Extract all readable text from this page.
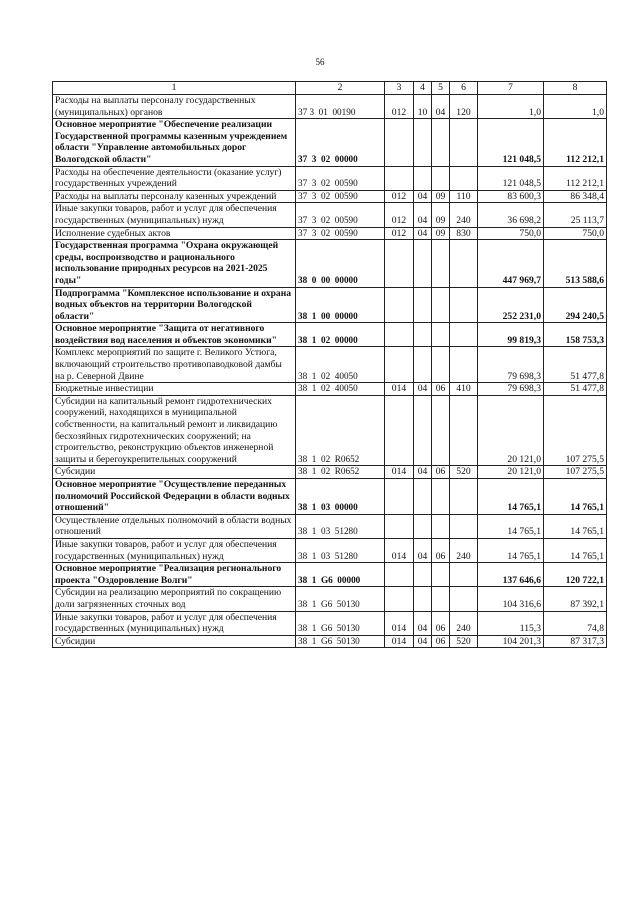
56
1	2	3	4	5	6	7	8
Расходы на выплаты персоналу государственных (муниципальных) органов	37 3  01  00190	012	10	04	120	1,0	1,0
Основное мероприятие "Обеспечение реализации Государственной программы казенным учреждением области "Управление автомобильных дорог Вологодской области"	37  3  02  00000					121 048,5	112 212,1
Расходы на обеспечение деятельности (оказание услуг) государственных учреждений	37  3  02  00590					121 048,5	112 212,1
Расходы на выплаты персоналу казенных учреждений	37  3  02  00590	012	04	09	110	83 600,3	86 348,4
Иные закупки товаров, работ и услуг для обеспечения государственных (муниципальных) нужд	37  3  02  00590	012	04	09	240	36 698,2	25 113,7
Исполнение судебных актов	37  3  02  00590	012	04	09	830	750,0	750,0
Государственная программа "Охрана окружающей среды, воспроизводство и рационального использование природных ресурсов на 2021-2025 годы"	38  0  00  00000					447 969,7	513 588,6
Подпрограмма "Комплексное использование и охрана водных объектов на территории Вологодской области"	38  1  00  00000					252 231,0	294 240,5
Основное мероприятие "Защита от негативного воздействия вод населения и объектов экономики"	38  1  02  00000					99 819,3	158 753,3
Комплекс мероприятий по защите г. Великого Устюга, включающий строительство противопаводковой дамбы на р. Северной Двине	38  1  02  40050					79 698,3	51 477,8
Бюджетные инвестиции	38  1  02  40050	014	04	06	410	79 698,3	51 477,8
Субсидии на капитальный ремонт гидротехнических сооружений, находящихся в муниципальной собственности, на капитальный ремонт и ликвидацию бесхозяйных гидротехнических сооружений; на строительство, реконструкцию объектов инженерной защиты и берегоукрепительных сооружений	38  1  02  R0652					20 121,0	107 275,5
Субсидии	38  1  02  R0652	014	04	06	520	20 121,0	107 275,5
Основное мероприятие "Осуществление переданных полномочий Российской Федерации в области водных отношений"	38  1  03  00000					14 765,1	14 765,1
Осуществление отдельных полномочий в области водных отношений	38  1  03  51280					14 765,1	14 765,1
Иные закупки товаров, работ и услуг для обеспечения государственных (муниципальных) нужд	38  1  03  51280	014	04	06	240	14 765,1	14 765,1
Основное мероприятие "Реализация регионального проекта "Оздоровление Волги"	38  1  G6  00000					137 646,6	120 722,1
Субсидии на реализацию мероприятий по сокращению доли загрязненных сточных вод	38  1  G6  50130					104 316,6	87 392,1
Иные закупки товаров, работ и услуг для обеспечения государственных (муниципальных) нужд	38  1  G6  50130	014	04	06	240	115,3	74,8
Субсидии	38  1  G6  50130	014	04	06	520	104 201,3	87 317,3
